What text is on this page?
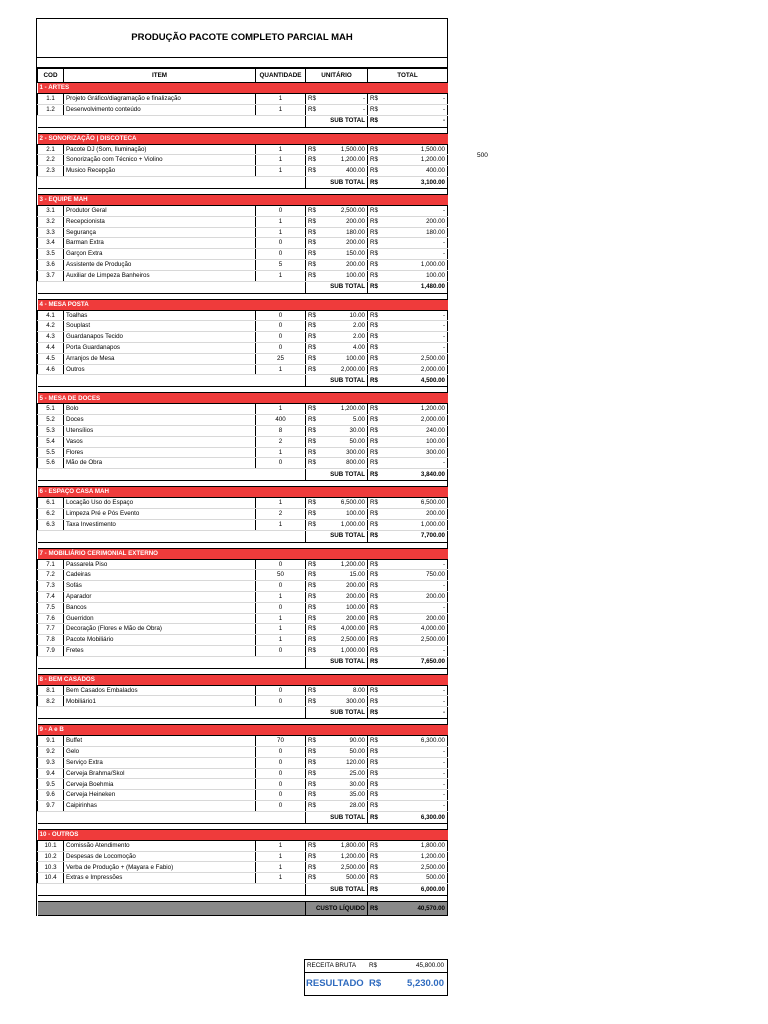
PRODUÇÃO PACOTE COMPLETO PARCIAL MAH
COD	ITEM	QUANTIDADE	UNITÁRIO		TOTAL	
1 - ARTES						
1.1	Projeto Gráfico/diagramação e finalização	1	R$	-	R$	-
1.2	Desenvolvimento conteúdo	1	R$	-	R$	-
			SUB TOTAL		R$	-

2 - SONORIZAÇÃO | DISCOTECA						
2.1	Pacote DJ (Som, Iluminação)	1	R$	1,500.00	R$	1,500.00
2.2	Sonorização com Técnico + Violino	1	R$	1,200.00	R$	1,200.00
2.3	Musico Recepção	1	R$	400.00	R$	400.00
			SUB TOTAL		R$	3,100.00

3 - EQUIPE MAH						
3.1	Produtor Geral	0	R$	2,500.00	R$	-
3.2	Recepcionista	1	R$	200.00	R$	200.00
3.3	Segurança	1	R$	180.00	R$	180.00
3.4	Barman Extra	0	R$	200.00	R$	-
3.5	Garçon Extra	0	R$	150.00	R$	-
3.6	Assistente de Produção	5	R$	200.00	R$	1,000.00
3.7	Auxiliar de Limpeza Banheiros	1	R$	100.00	R$	100.00
			SUB TOTAL		R$	1,480.00

4 - MESA POSTA						
4.1	Toalhas	0	R$	10.00	R$	-
4.2	Souplast	0	R$	2.00	R$	-
4.3	Guardanapos Tecido	0	R$	2.00	R$	-
4.4	Porta Guardanapos	0	R$	4.00	R$	-
4.5	Arranjos de Mesa	25	R$	100.00	R$	2,500.00
4.6	Outros	1	R$	2,000.00	R$	2,000.00
			SUB TOTAL		R$	4,500.00

5 - MESA DE DOCES						
5.1	Bolo	1	R$	1,200.00	R$	1,200.00
5.2	Doces	400	R$	5.00	R$	2,000.00
5.3	Utensílios	8	R$	30.00	R$	240.00
5.4	Vasos	2	R$	50.00	R$	100.00
5.5	Flores	1	R$	300.00	R$	300.00
5.6	Mão de Obra	0	R$	800.00	R$	-
			SUB TOTAL		R$	3,840.00

6 - ESPAÇO CASA MAH						
6.1	Locação Uso do Espaço	1	R$	6,500.00	R$	6,500.00
6.2	Limpeza Pré e Pós Evento	2	R$	100.00	R$	200.00
6.3	Taxa Investimento	1	R$	1,000.00	R$	1,000.00
			SUB TOTAL		R$	7,700.00

7 - MOBILIÁRIO CERIMONIAL EXTERNO						
7.1	Passarela Piso	0	R$	1,200.00	R$	-
7.2	Cadeiras	50	R$	15.00	R$	750.00
7.3	Sofás	0	R$	200.00	R$	-
7.4	Aparador	1	R$	200.00	R$	200.00
7.5	Bancos	0	R$	100.00	R$	-
7.6	Guerridon	1	R$	200.00	R$	200.00
7.7	Decoração (Flores e Mão de Obra)	1	R$	4,000.00	R$	4,000.00
7.8	Pacote Mobiliário	1	R$	2,500.00	R$	2,500.00
7.9	Fretes	0	R$	1,000.00	R$	-
			SUB TOTAL		R$	7,650.00

8 - BEM CASADOS						
8.1	Bem Casados Embalados	0	R$	8.00	R$	-
8.2	Mobiliário1	0	R$	300.00	R$	-
			SUB TOTAL		R$	-

9 - A e B						
9.1	Buffet	70	R$	90.00	R$	6,300.00
9.2	Gelo	0	R$	50.00	R$	-
9.3	Serviço Extra	0	R$	120.00	R$	-
9.4	Cerveja Brahma/Skol	0	R$	25.00	R$	-
9.5	Cerveja Boehmia	0	R$	30.00	R$	-
9.6	Cerveja Heineken	0	R$	35.00	R$	-
9.7	Caipirinhas	0	R$	28.00	R$	-
			SUB TOTAL		R$	6,300.00

10 - OUTROS						
10.1	Comissão Atendimento	1	R$	1,800.00	R$	1,800.00
10.2	Despesas de Locomoção	1	R$	1,200.00	R$	1,200.00
10.3	Verba de Produção + (Mayara e Fabio)	1	R$	2,500.00	R$	2,500.00
10.4	Extras e Impressões	1	R$	500.00	R$	500.00
			SUB TOTAL		R$	6,000.00

			CUSTO LÍQUIDO		R$	40,570.00
500
RECEITA BRUTA R$	45,800.00
RESULTADO R$	5,230.00
